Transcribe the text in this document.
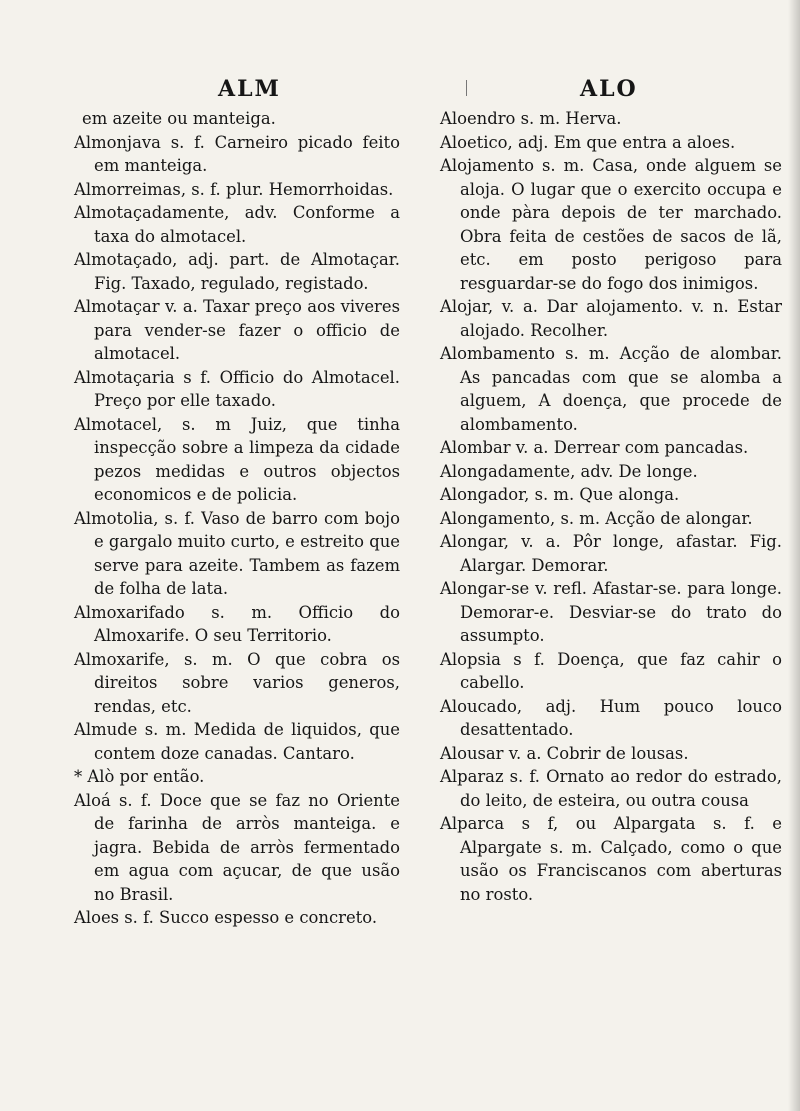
ALM	ALO
em azeite ou manteiga.
Almonjava s. f. Carneiro picado feito em manteiga.
Almorreimas, s. f. plur. Hemorrhoidas.
Almotaçadamente, adv. Conforme a taxa do almotacel.
Almotaçado, adj. part. de Almotaçar. Fig. Taxado, regulado, registado.
Almotaçar v. a. Taxar preço aos viveres para vender-se fazer o officio de almotacel.
Almotaçaria s f. Officio do Almotacel. Preço por elle taxado.
Almotacel, s. m Juiz, que tinha inspecção sobre a limpeza da cidade pezos medidas e outros objectos economicos e de policia.
Almotolia, s. f. Vaso de barro com bojo e gargalo muito curto, e estreito que serve para azeite. Tambem as fazem de folha de lata.
Almoxarifado s. m. Officio do Almoxarife. O seu Territorio.
Almoxarife, s. m. O que cobra os direitos sobre varios generos, rendas, etc.
Almude s. m. Medida de liquidos, que contem doze canadas. Cantaro.
* Alò por então.
Aloá s. f. Doce que se faz no Oriente de farinha de arròs manteiga. e jagra. Bebida de arròs fermentado em agua com açucar, de que usão no Brasil.
Aloes s. f. Succo espesso e concreto.
Aloendro s. m. Herva.
Aloetico, adj. Em que entra a aloes.
Alojamento s. m. Casa, onde alguem se aloja. O lugar que o exercito occupa e onde pàra depois de ter marchado. Obra feita de cestões de sacos de lã, etc. em posto perigoso para resguardar-se do fogo dos inimigos.
Alojar, v. a. Dar alojamento. v. n. Estar alojado. Recolher.
Alombamento s. m. Acção de alombar. As pancadas com que se alomba a alguem, A doença, que procede de alombamento.
Alombar v. a. Derrear com pancadas.
Alongadamente, adv. De longe.
Alongador, s. m. Que alonga.
Alongamento, s. m. Acção de alongar.
Alongar, v. a. Pôr longe, afastar. Fig. Alargar. Demorar.
Alongar-se v. refl. Afastar-se. para longe. Demorar-e. Desviar-se do trato do assumpto.
Alopsia s f. Doença, que faz cahir o cabello.
Aloucado, adj. Hum pouco louco desattentado.
Alousar v. a. Cobrir de lousas.
Alparaz s. f. Ornato ao redor do estrado, do leito, de esteira, ou outra cousa
Alparca s f, ou Alpargata s. f. e Alpargate s. m. Calçado, como o que usão os Franciscanos com aberturas no rosto.
